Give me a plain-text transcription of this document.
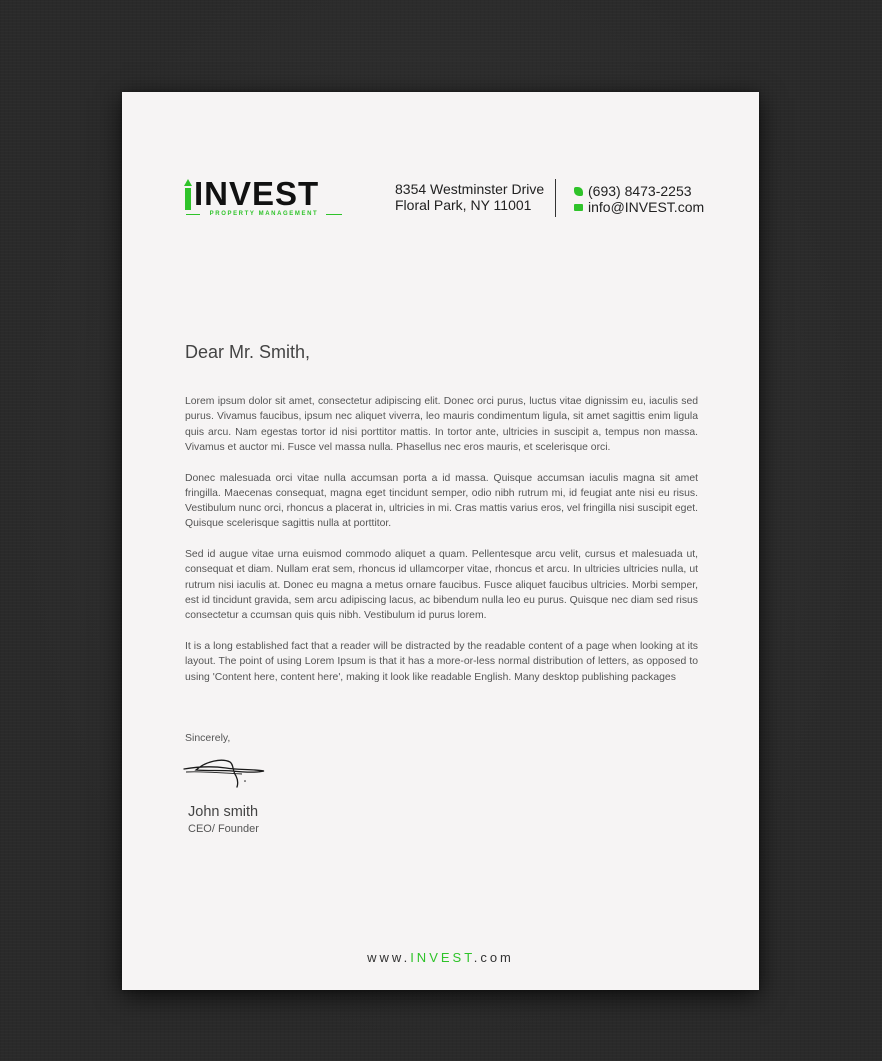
INVEST
PROPERTY MANAGEMENT
8354 Westminster Drive
Floral Park, NY 11001
(693) 8473-2253
info@INVEST.com
Dear Mr. Smith,

Lorem ipsum dolor sit amet, consectetur adipiscing elit. Donec orci purus, luctus vitae dignissim eu, iaculis sed purus. Vivamus faucibus, ipsum nec aliquet viverra, leo mauris condimentum ligula, sit amet sagittis enim ligula quis arcu. Nam egestas tortor id nisi porttitor mattis. In tortor ante, ultricies in suscipit a, tempus non massa. Vivamus et auctor mi. Fusce vel massa nulla. Phasellus nec eros mauris, et scelerisque orci.

Donec malesuada orci vitae nulla accumsan porta a id massa. Quisque accumsan iaculis magna sit amet fringilla. Maecenas consequat, magna eget tincidunt semper, odio nibh rutrum mi, id feugiat ante nisi eu risus. Vestibulum nunc orci, rhoncus a placerat in, ultricies in mi. Cras mattis varius eros, vel fringilla nisi suscipit eget. Quisque scelerisque sagittis nulla at porttitor.

Sed id augue vitae urna euismod commodo aliquet a quam. Pellentesque arcu velit, cursus et malesuada ut, consequat et diam. Nullam erat sem, rhoncus id ullamcorper vitae, rhoncus et arcu. In ultricies ultricies nulla, ut rutrum nisi iaculis at. Donec eu magna a metus ornare faucibus. Fusce aliquet faucibus ultricies. Morbi semper, est id tincidunt gravida, sem arcu adipiscing lacus, ac bibendum nulla leo eu purus. Quisque nec diam sed risus consectetur a ccumsan quis quis nibh. Vestibulum id purus lorem.

It is a long established fact that a reader will be distracted by the readable content of a page when looking at its layout. The point of using Lorem Ipsum is that it has a more-or-less normal distribution of letters, as opposed to using 'Content here, content here', making it look like readable English. Many desktop publishing packages

Sincerely,
John smith
CEO/ Founder
www.INVEST.com
